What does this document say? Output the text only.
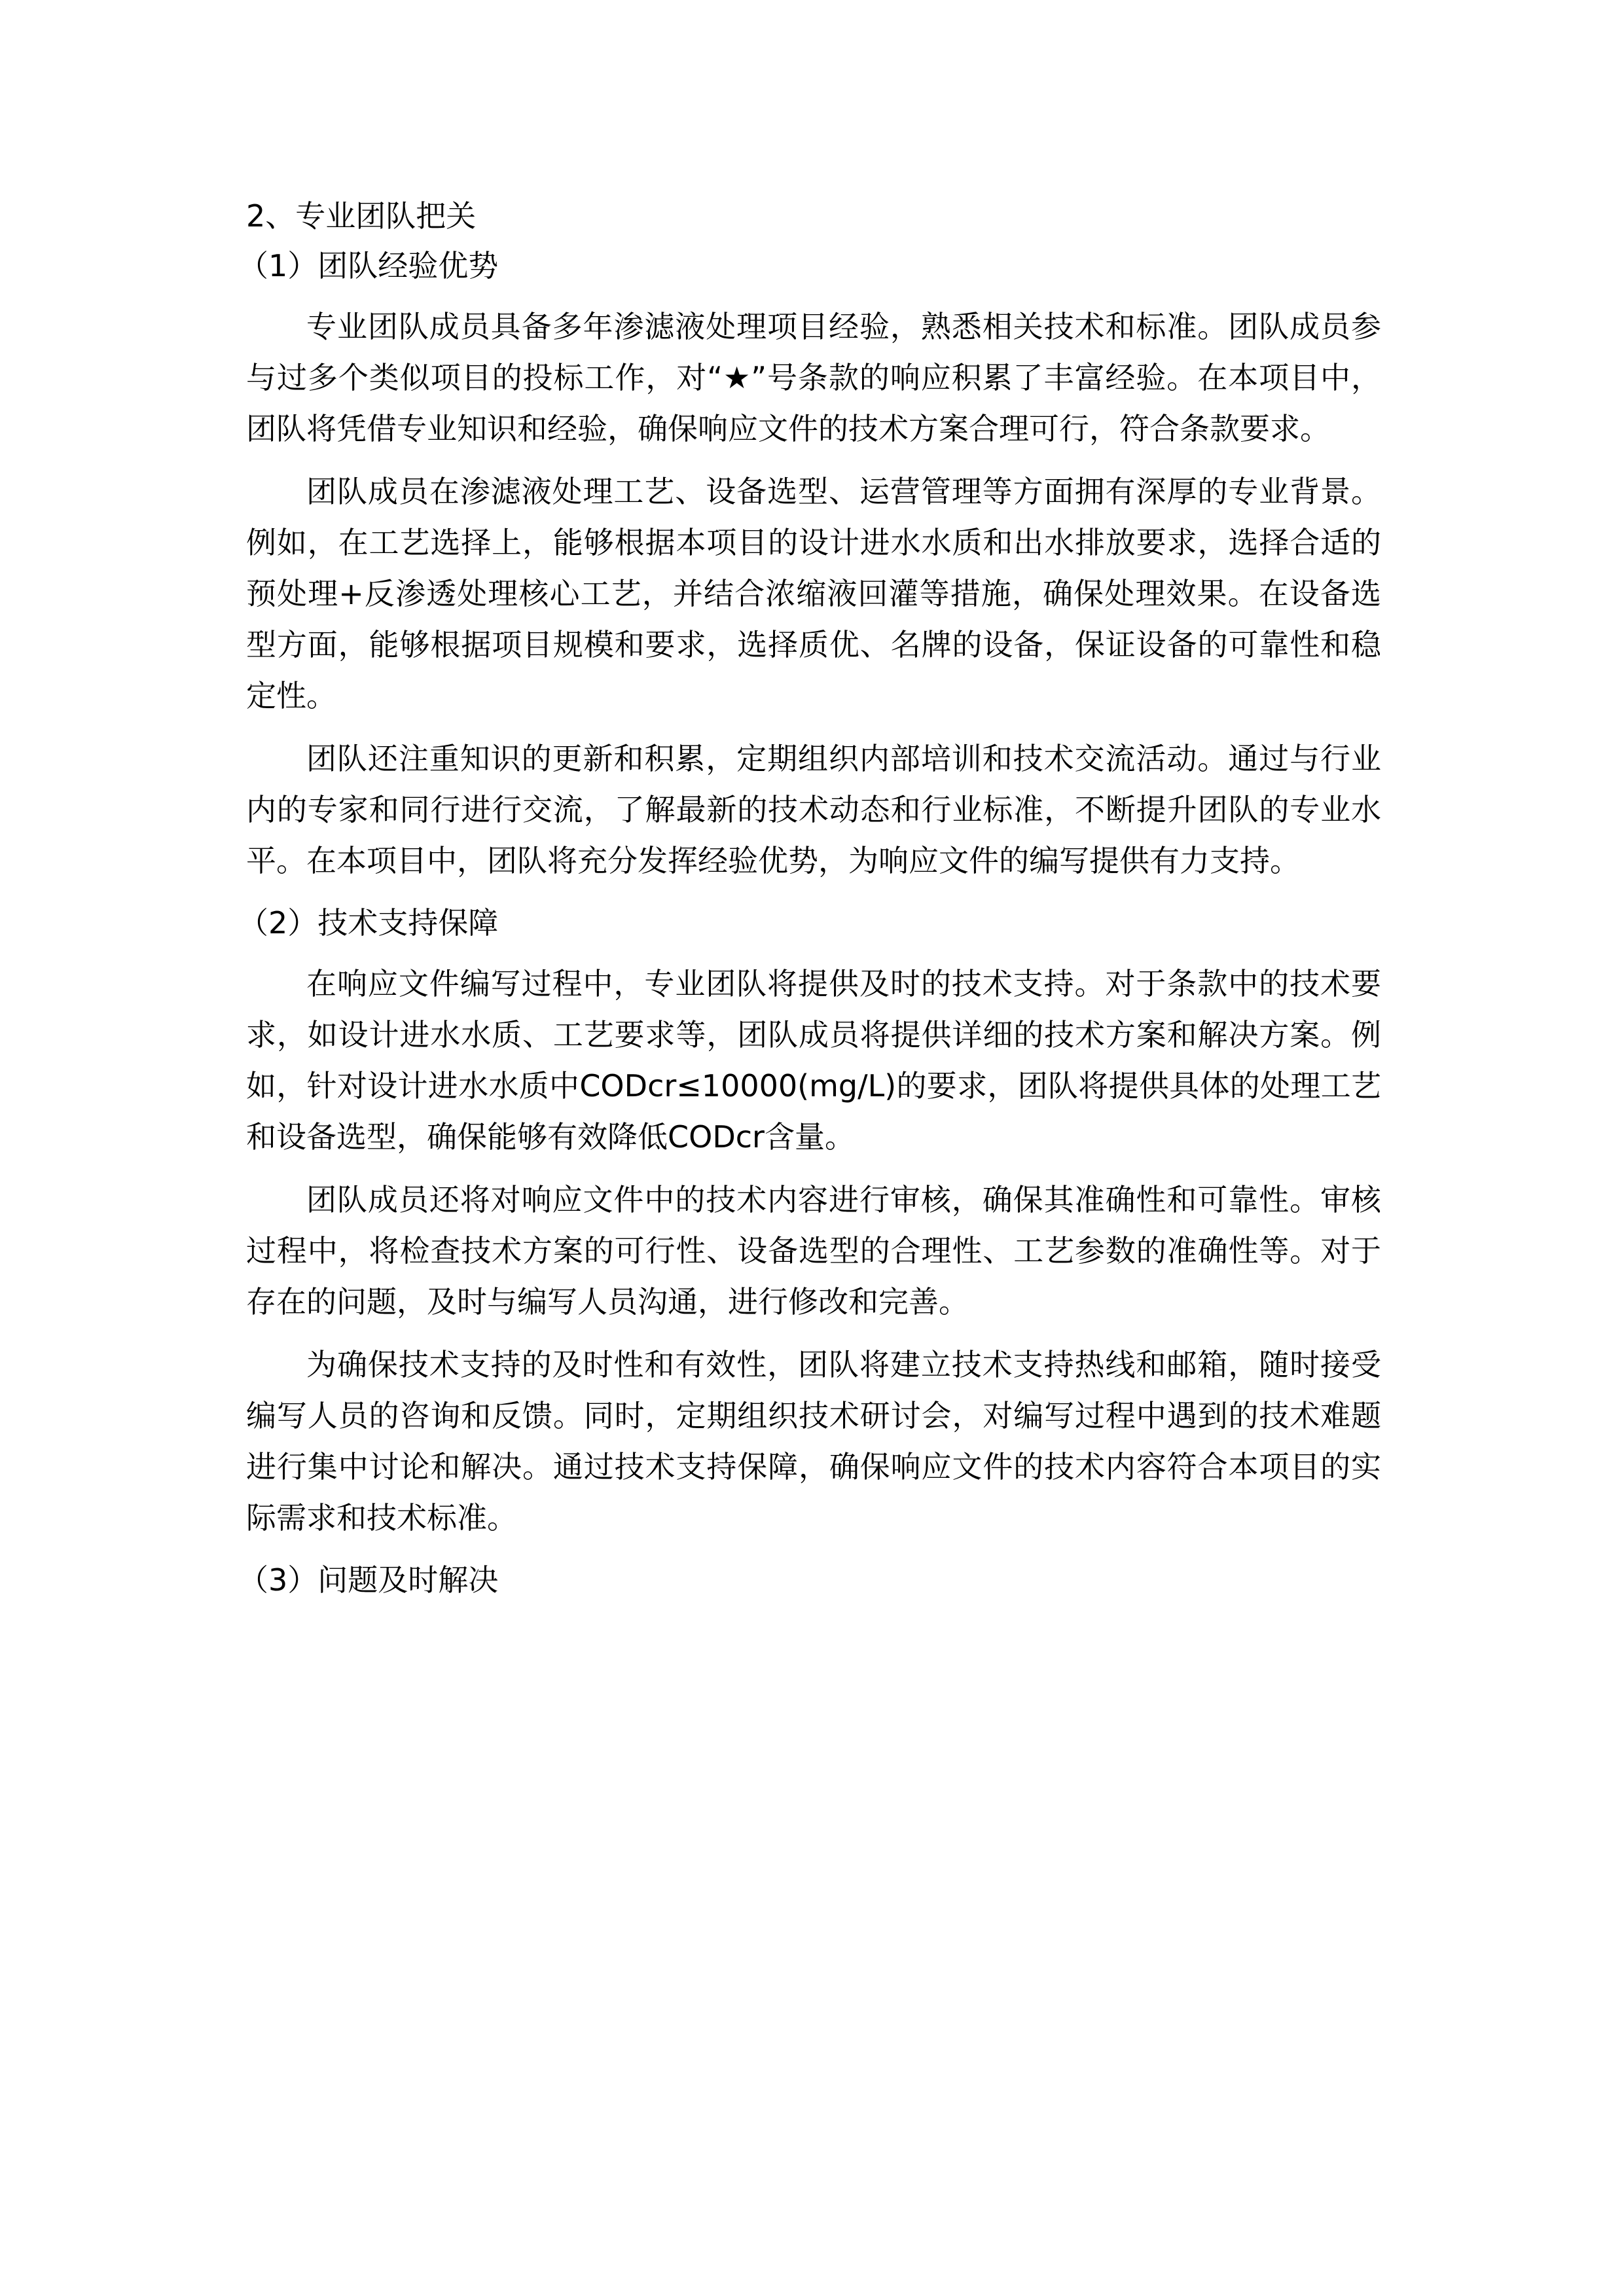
2、专业团队把关

（1）团队经验优势

专业团队成员具备多年渗滤液处理项目经验，熟悉相关技术和标准。团队成员参与过多个类似项目的投标工作，对“★”号条款的响应积累了丰富经验。在本项目中，团队将凭借专业知识和经验，确保响应文件的技术方案合理可行，符合条款要求。

团队成员在渗滤液处理工艺、设备选型、运营管理等方面拥有深厚的专业背景。例如，在工艺选择上，能够根据本项目的设计进水水质和出水排放要求，选择合适的预处理+反渗透处理核心工艺，并结合浓缩液回灌等措施，确保处理效果。在设备选型方面，能够根据项目规模和要求，选择质优、名牌的设备，保证设备的可靠性和稳定性。

团队还注重知识的更新和积累，定期组织内部培训和技术交流活动。通过与行业内的专家和同行进行交流，了解最新的技术动态和行业标准，不断提升团队的专业水平。在本项目中，团队将充分发挥经验优势，为响应文件的编写提供有力支持。

（2）技术支持保障

在响应文件编写过程中，专业团队将提供及时的技术支持。对于条款中的技术要求，如设计进水水质、工艺要求等，团队成员将提供详细的技术方案和解决方案。例如，针对设计进水水质中CODcr≤10000(mg/L)的要求，团队将提供具体的处理工艺和设备选型，确保能够有效降低CODcr含量。

团队成员还将对响应文件中的技术内容进行审核，确保其准确性和可靠性。审核过程中，将检查技术方案的可行性、设备选型的合理性、工艺参数的准确性等。对于存在的问题，及时与编写人员沟通，进行修改和完善。

为确保技术支持的及时性和有效性，团队将建立技术支持热线和邮箱，随时接受编写人员的咨询和反馈。同时，定期组织技术研讨会，对编写过程中遇到的技术难题进行集中讨论和解决。通过技术支持保障，确保响应文件的技术内容符合本项目的实际需求和技术标准。

（3）问题及时解决
